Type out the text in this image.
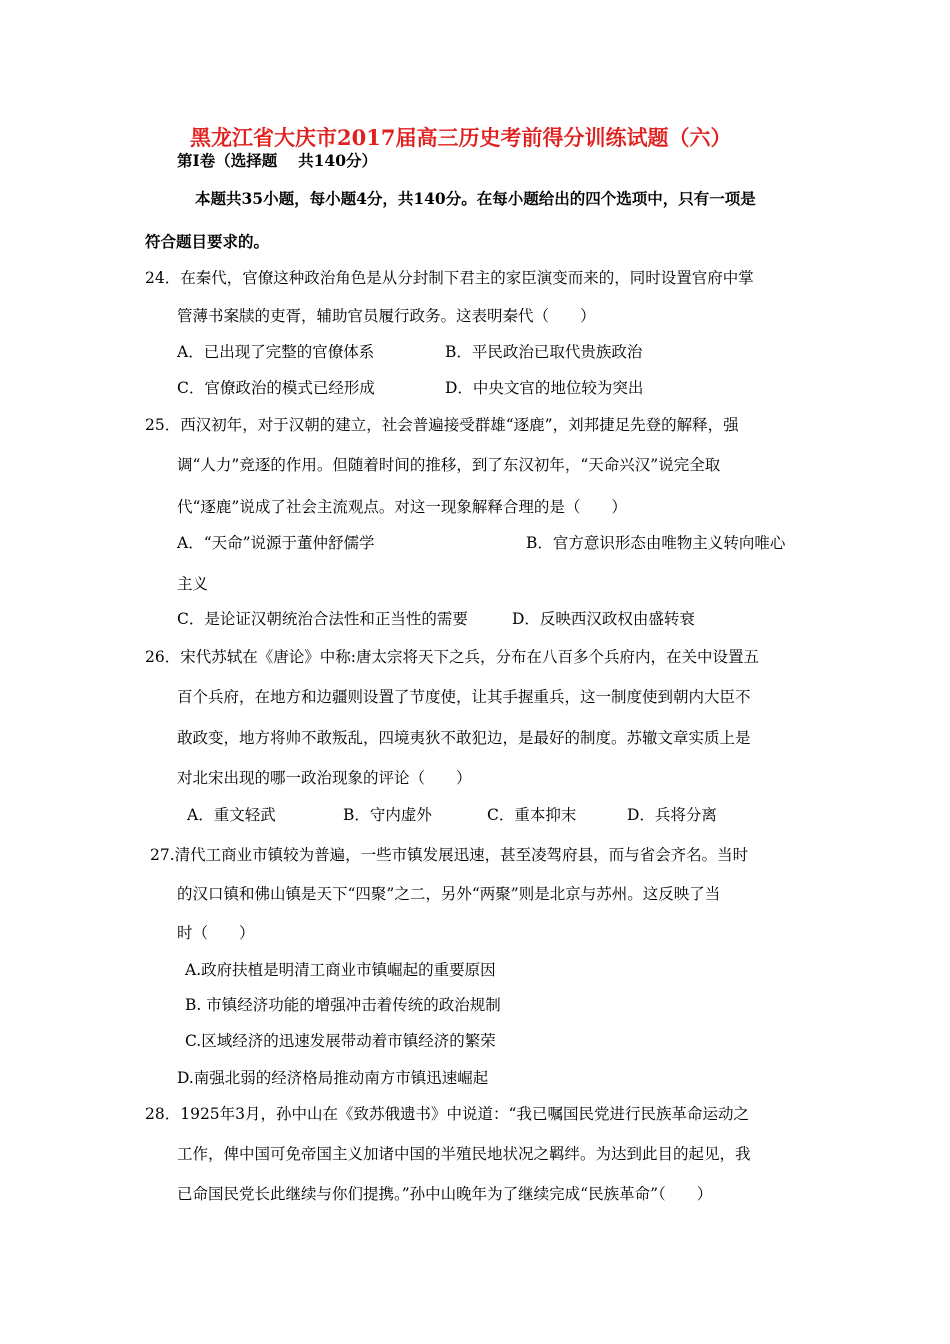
黑龙江省大庆市2017届高三历史考前得分训练试题（六）
第Ⅰ卷（选择题　 共140分）
本题共35小题，每小题4分，共140分。在每小题给出的四个选项中，只有一项是
符合题目要求的。
24．在秦代，官僚这种政治角色是从分封制下君主的家臣演变而来的，同时设置官府中掌
管薄书案牍的吏胥，辅助官员履行政务。这表明秦代（　　）
A．已出现了完整的官僚体系	B．平民政治已取代贵族政治
C．官僚政治的模式已经形成	D．中央文官的地位较为突出
25．西汉初年，对于汉朝的建立，社会普遍接受群雄“逐鹿”，刘邦捷足先登的解释，强
调“人力”竞逐的作用。但随着时间的推移，到了东汉初年，“天命兴汉”说完全取
代“逐鹿”说成了社会主流观点。对这一现象解释合理的是（　　）
A．“天命”说源于董仲舒儒学	B．官方意识形态由唯物主义转向唯心
主义
C．是论证汉朝统治合法性和正当性的需要	D．反映西汉政权由盛转衰
26．宋代苏轼在《唐论》中称:唐太宗将天下之兵，分布在八百多个兵府内，在关中设置五
百个兵府，在地方和边疆则设置了节度使，让其手握重兵，这一制度使到朝内大臣不
敢政变，地方将帅不敢叛乱，四境夷狄不敢犯边，是最好的制度。苏辙文章实质上是
对北宋出现的哪一政治现象的评论（　　）
A．重文轻武	B．守内虚外	C．重本抑末	D．兵将分离
27.清代工商业市镇较为普遍，一些市镇发展迅速，甚至凌驾府县，而与省会齐名。当时
的汉口镇和佛山镇是天下“四聚”之二，另外“两聚”则是北京与苏州。这反映了当
时（　　）
A.政府扶植是明清工商业市镇崛起的重要原因
B. 市镇经济功能的增强冲击着传统的政治规制
C.区域经济的迅速发展带动着市镇经济的繁荣
D.南强北弱的经济格局推动南方市镇迅速崛起
28．1925年3月，孙中山在《致苏俄遗书》中说道：“我已嘱国民党进行民族革命运动之
工作，俾中国可免帝国主义加诸中国的半殖民地状况之羁绊。为达到此目的起见，我
已命国民党长此继续与你们提携。”孙中山晚年为了继续完成“民族革命”（　　）
